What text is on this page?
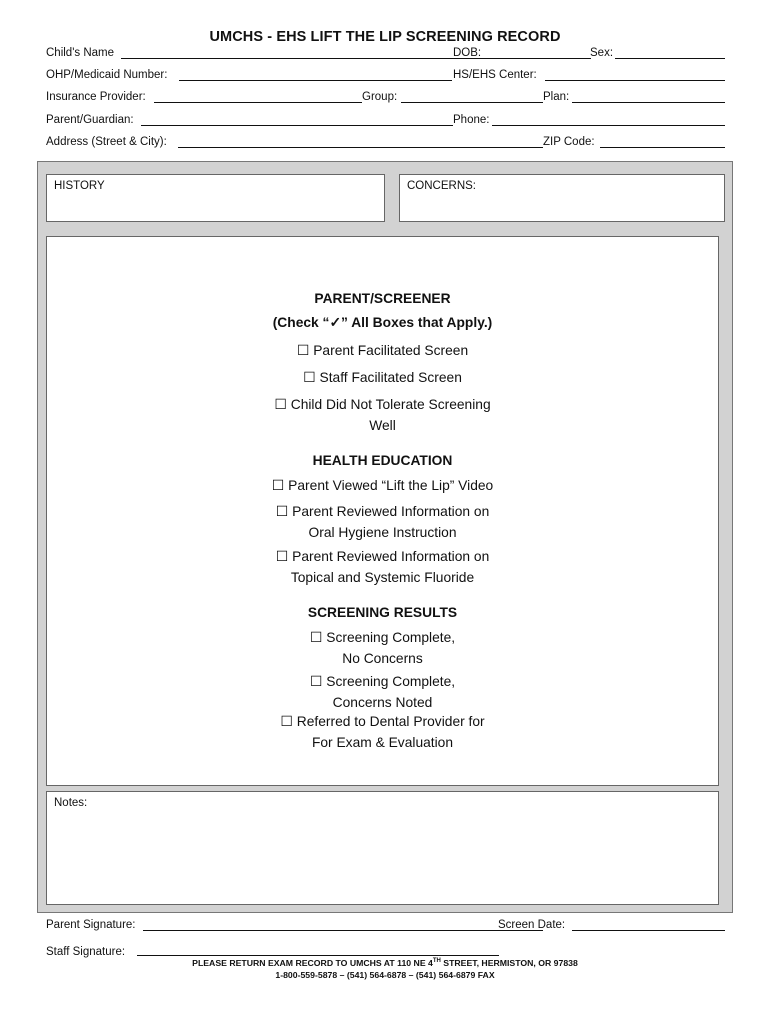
UMCHS - EHS LIFT THE LIP SCREENING RECORD
Child's Name	DOB:	Sex:
OHP/Medicaid Number:	HS/EHS Center:
Insurance Provider:	Group:	Plan:
Parent/Guardian:	Phone:
Address (Street & City):	ZIP Code:
HISTORY	CONCERNS:
Notes:
PARENT/SCREENER
(Check “✓” All Boxes that Apply.)
☐ Parent Facilitated Screen
☐ Staff Facilitated Screen
☐ Child Did Not Tolerate Screening
Well
HEALTH EDUCATION
☐ Parent Viewed “Lift the Lip” Video
☐ Parent Reviewed Information on
Oral Hygiene Instruction
☐ Parent Reviewed Information on
Topical and Systemic Fluoride
SCREENING RESULTS
☐ Screening Complete,
No Concerns
☐ Screening Complete,
Concerns Noted
☐ Referred to Dental Provider for
For Exam & Evaluation
Parent Signature:	Screen Date:
Staff Signature:
PLEASE RETURN EXAM RECORD TO UMCHS AT 110 NE 4TH STREET, HERMISTON, OR 97838
1-800-559-5878 – (541) 564-6878 – (541) 564-6879 FAX
